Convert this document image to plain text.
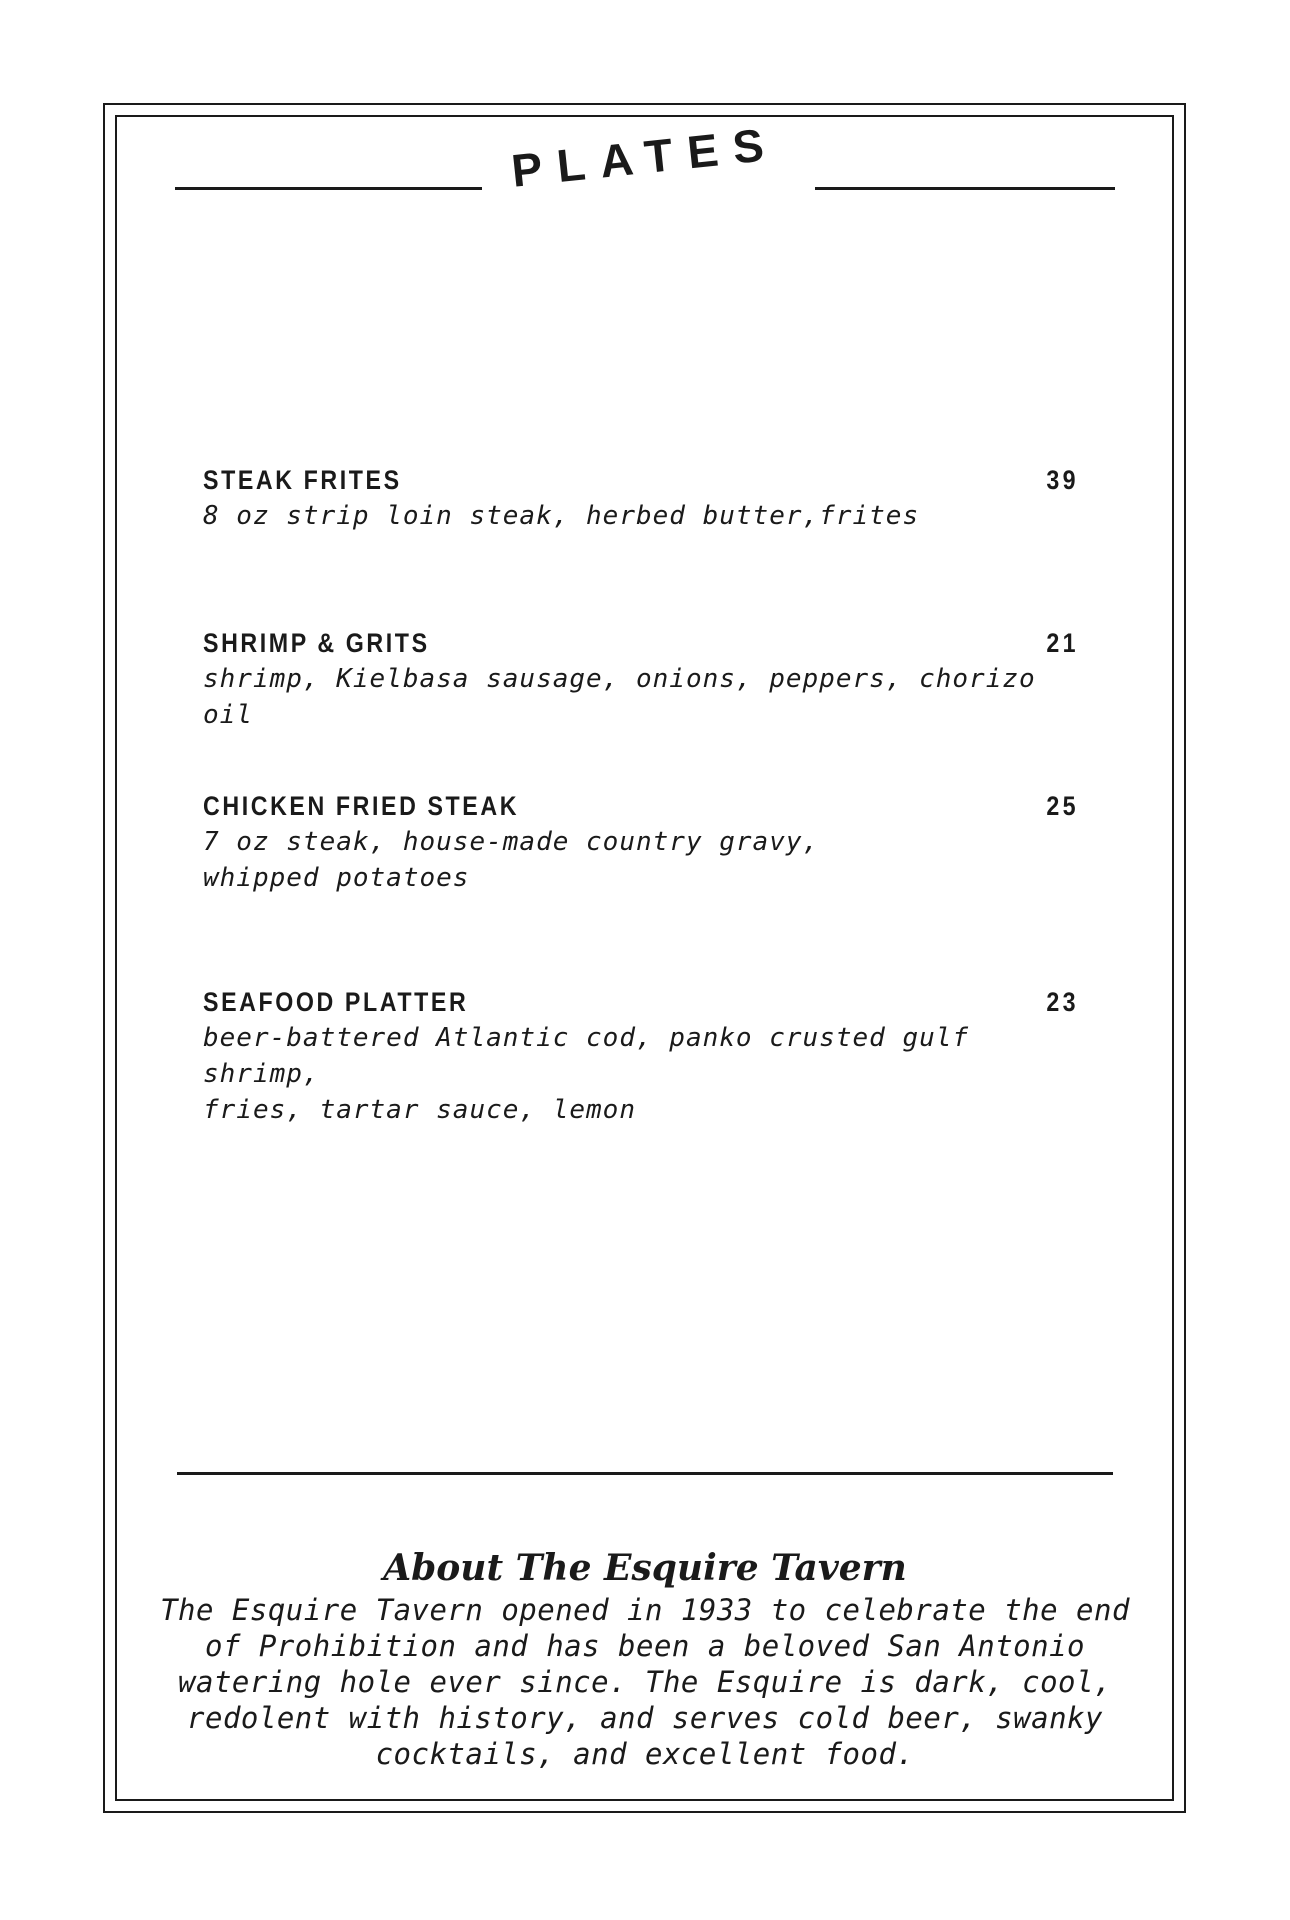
PLATES
STEAK FRITES	39
8 oz strip loin steak, herbed butter,frites
SHRIMP & GRITS	21
shrimp, Kielbasa sausage, onions, peppers, chorizo oil
CHICKEN FRIED STEAK	25
7 oz steak, house-made country gravy,
whipped potatoes
SEAFOOD PLATTER	23
beer-battered Atlantic cod, panko crusted gulf shrimp,
fries, tartar sauce, lemon
About The Esquire Tavern
The Esquire Tavern opened in 1933 to celebrate the end
of Prohibition and has been a beloved San Antonio
watering hole ever since. The Esquire is dark, cool,
redolent with history, and serves cold beer, swanky
cocktails, and excellent food.
